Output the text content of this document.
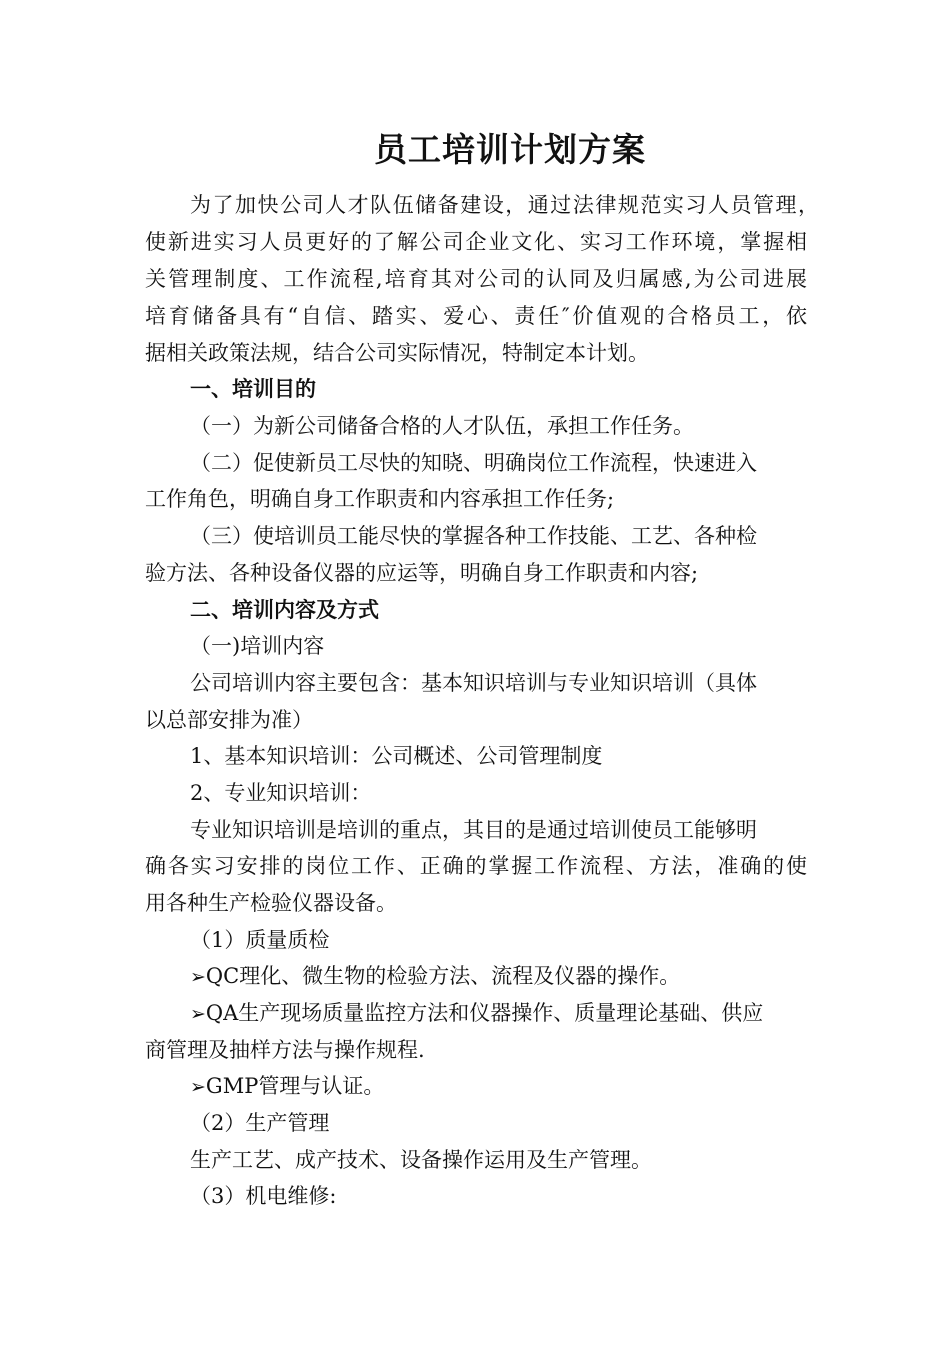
员工培训计划方案
为了加快公司人才队伍储备建设，通过法律规范实习人员管理，
使新进实习人员更好的了解公司企业文化、实习工作环境，掌握相
关管理制度、工作流程,培育其对公司的认同及归属感,为公司进展
培育储备具有“自信、踏实、爱心、责任″价值观的合格员工，依
据相关政策法规，结合公司实际情况，特制定本计划。
一、培训目的
（一）为新公司储备合格的人才队伍，承担工作任务。
（二）促使新员工尽快的知晓、明确岗位工作流程，快速进入
工作角色，明确自身工作职责和内容承担工作任务;
（三）使培训员工能尽快的掌握各种工作技能、工艺、各种检
验方法、各种设备仪器的应运等，明确自身工作职责和内容;
二、培训内容及方式
（一)培训内容
公司培训内容主要包含：基本知识培训与专业知识培训（具体
以总部安排为准）
1、基本知识培训：公司概述、公司管理制度
2、专业知识培训：
专业知识培训是培训的重点，其目的是通过培训使员工能够明
确各实习安排的岗位工作、正确的掌握工作流程、方法，准确的使
用各种生产检验仪器设备。
（1）质量质检
➢QC理化、微生物的检验方法、流程及仪器的操作。
➢QA生产现场质量监控方法和仪器操作、质量理论基础、供应
商管理及抽样方法与操作规程.
➢GMP管理与认证。
（2）生产管理
生产工艺、成产技术、设备操作运用及生产管理。
（3）机电维修:
